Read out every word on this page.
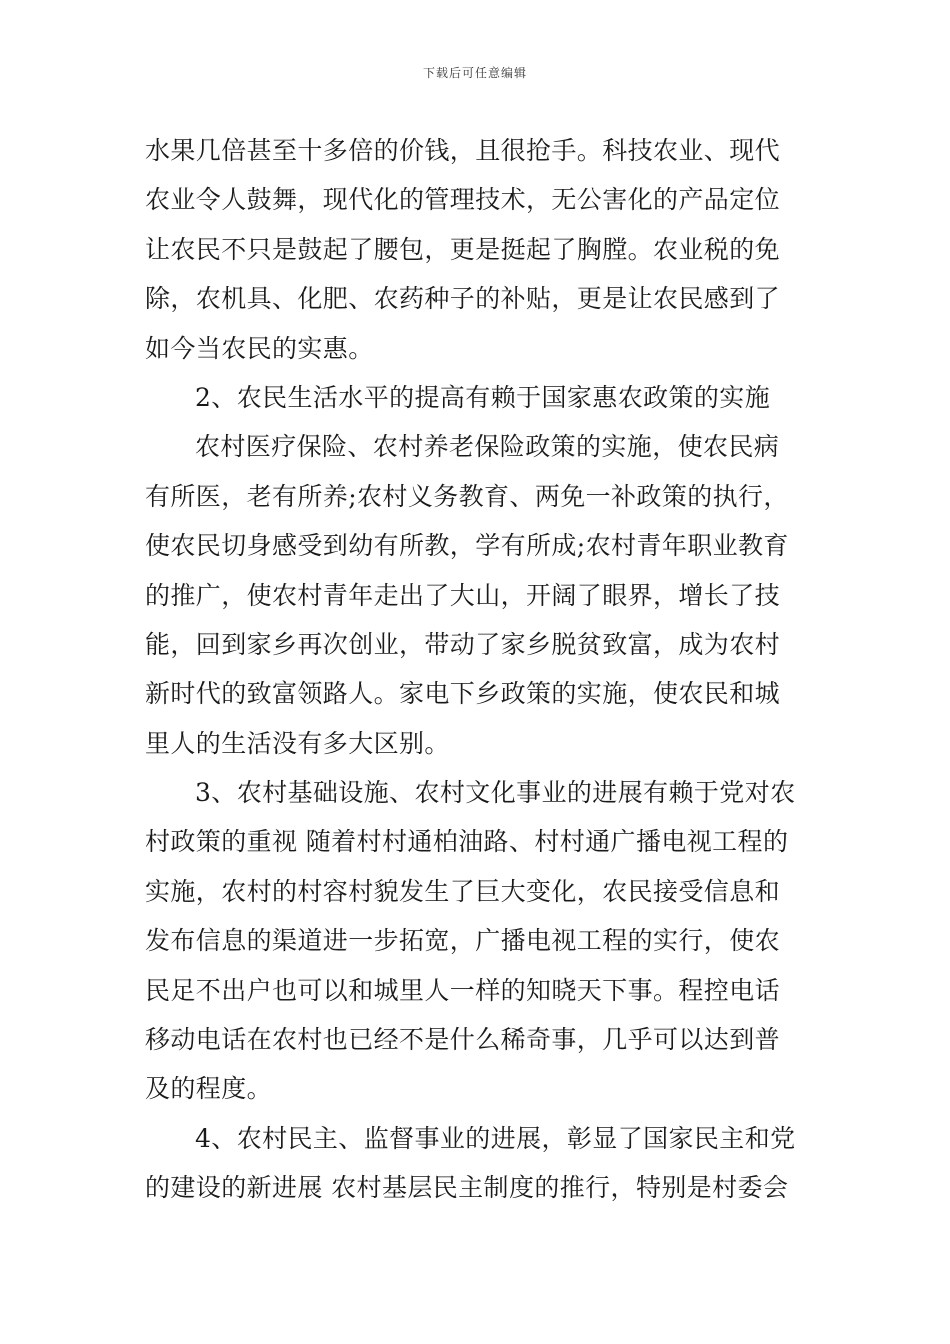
下载后可任意编辑
水果几倍甚至十多倍的价钱，且很抢手。科技农业、现代
农业令人鼓舞，现代化的管理技术，无公害化的产品定位
让农民不只是鼓起了腰包，更是挺起了胸膛。农业税的免
除，农机具、化肥、农药种子的补贴，更是让农民感到了
如今当农民的实惠。
2、农民生活水平的提高有赖于国家惠农政策的实施
农村医疗保险、农村养老保险政策的实施，使农民病
有所医，老有所养;农村义务教育、两免一补政策的执行，
使农民切身感受到幼有所教，学有所成;农村青年职业教育
的推广，使农村青年走出了大山，开阔了眼界，增长了技
能，回到家乡再次创业，带动了家乡脱贫致富，成为农村
新时代的致富领路人。家电下乡政策的实施，使农民和城
里人的生活没有多大区别。
3、农村基础设施、农村文化事业的进展有赖于党对农
村政策的重视 随着村村通柏油路、村村通广播电视工程的
实施，农村的村容村貌发生了巨大变化，农民接受信息和
发布信息的渠道进一步拓宽，广播电视工程的实行，使农
民足不出户也可以和城里人一样的知晓天下事。程控电话
移动电话在农村也已经不是什么稀奇事，几乎可以达到普
及的程度。
4、农村民主、监督事业的进展，彰显了国家民主和党
的建设的新进展 农村基层民主制度的推行，特别是村委会
